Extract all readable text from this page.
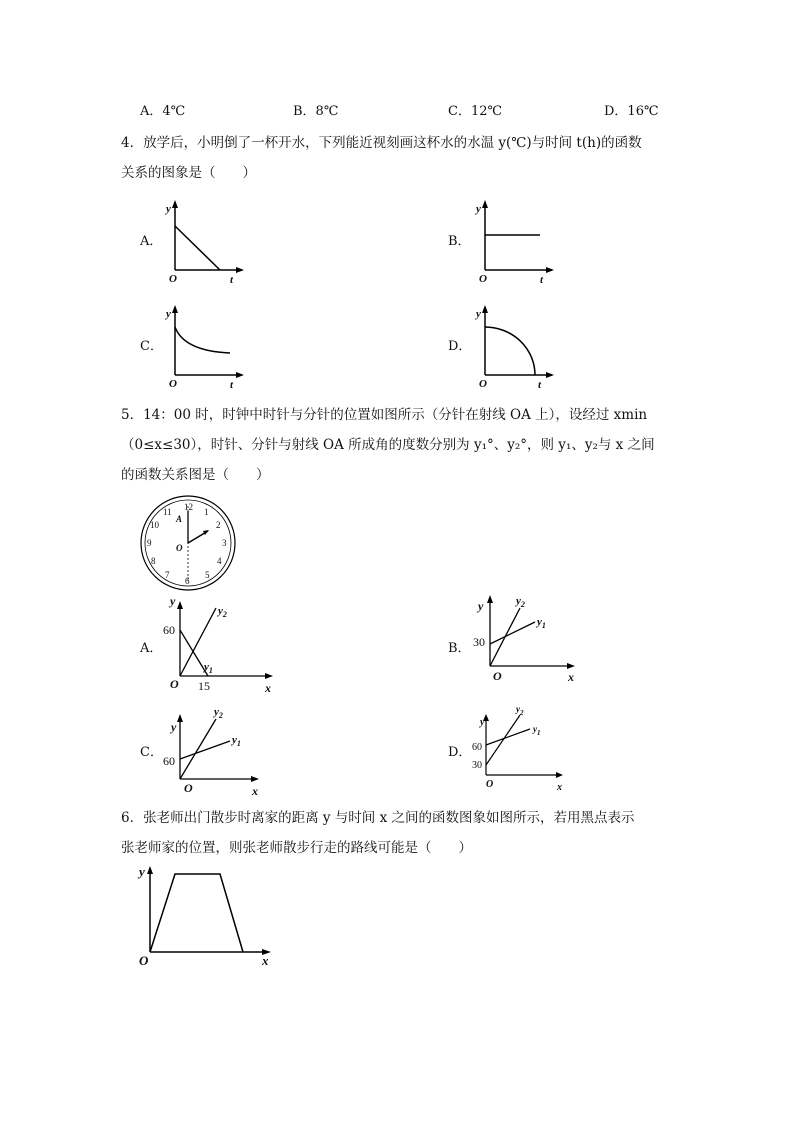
A．4℃	B．8℃	C．12℃	D．16℃
4．放学后，小明倒了一杯开水，下列能近视刻画这杯水的水温 y(℃)与时间 t(h)的函数
关系的图象是（　　）
A．
y
O	t
B．
y
O	t
C．
y
O	t
D．
y
O	t
5．14：00 时，时钟中时针与分针的位置如图所示（分针在射线 OA 上），设经过 xmin
（0≤x≤30），时针、分针与射线 OA 所成角的度数分别为 y₁°、y₂°，则 y₁、y₂与 x 之间
的函数关系图是（　　）
12 1
2
3
4
5
6
7
8
9
10
11
A
O
A．
y
60
O 15	x
$y_1$
$y_2$
B．
y
30
O	x
$y_1$
$y_2$
C．
y
60
O	x
$y_1$
$y_2$
D．
y
60
30
O	x
$y_1$
$y_2$
6．张老师出门散步时离家的距离 y 与时间 x 之间的函数图象如图所示，若用黑点表示
张老师家的位置，则张老师散步行走的路线可能是（　　）
y
O	x
